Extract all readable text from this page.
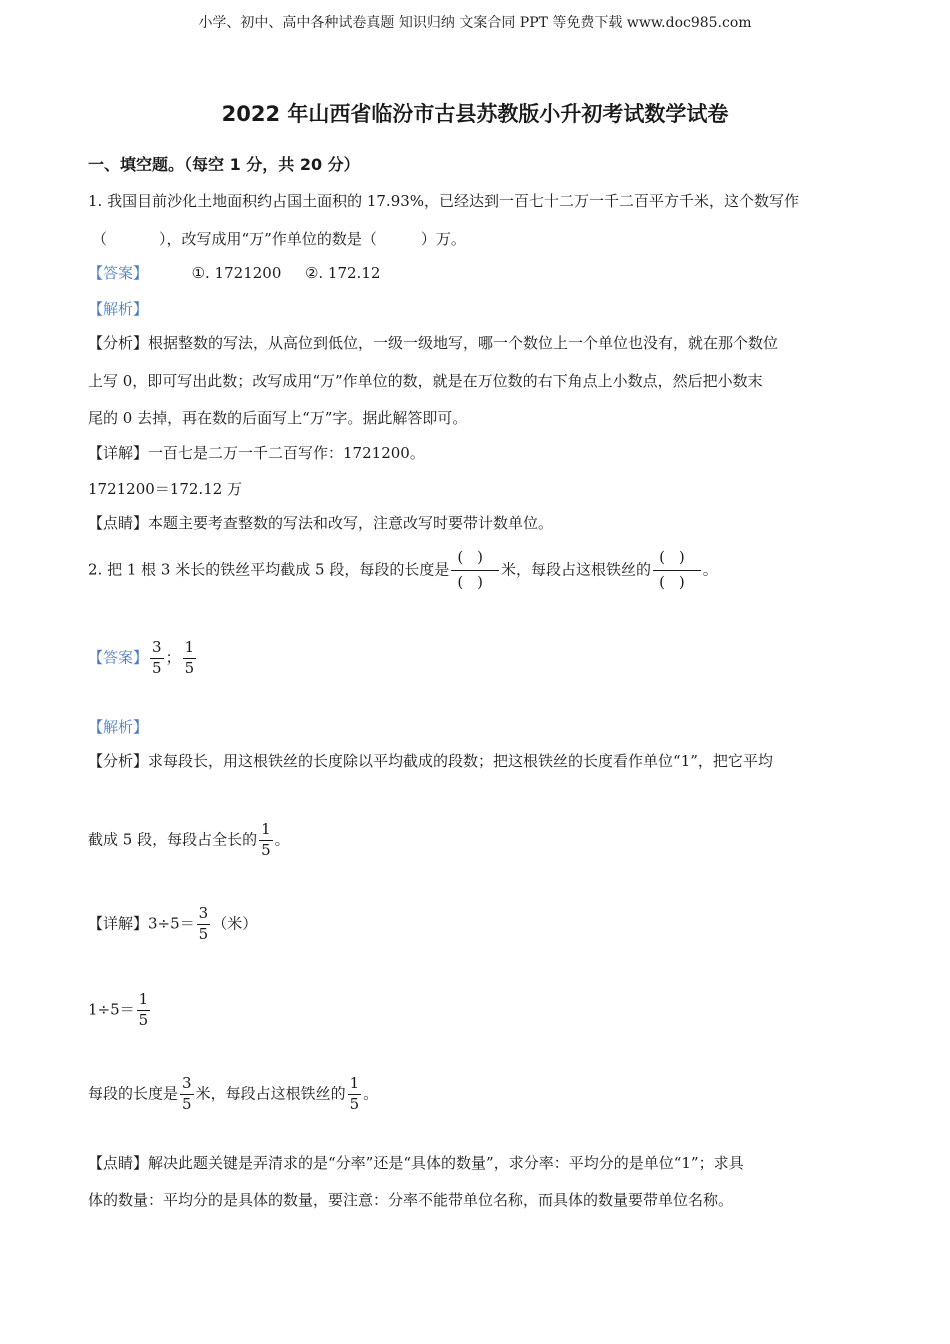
小学、初中、高中各种试卷真题 知识归纳 文案合同 PPT 等免费下载 www.doc985.com
2022 年山西省临汾市古县苏教版小升初考试数学试卷
一、填空题。（每空 1 分，共 20 分）
1. 我国目前沙化土地面积约占国土面积的 17.93%，已经达到一百七十二万一千二百平方千米，这个数写作
（	），改写成用“万”作单位的数是（	）万。
【答案】	①. 1721200 ②. 172.12
【解析】
【分析】根据整数的写法，从高位到低位，一级一级地写，哪一个数位上一个单位也没有，就在那个数位
上写 0，即可写出此数；改写成用“万”作单位的数，就是在万位数的右下角点上小数点，然后把小数末
尾的 0 去掉，再在数的后面写上“万”字。据此解答即可。
【详解】一百七是二万一千二百写作：1721200。
1721200＝172.12 万
【点睛】本题主要考查整数的写法和改写，注意改写时要带计数单位。
2. 把 1 根 3 米长的铁丝平均截成 5 段，每段的长度是 $\frac{()}{()}$ 米，每段占这根铁丝的 $\frac{()}{()}$ 。
【答案】 $\frac{3}{5}$ ； $\frac{1}{5}$
【解析】
【分析】求每段长，用这根铁丝的长度除以平均截成的段数；把这根铁丝的长度看作单位“1”，把它平均
截成 5 段，每段占全长的 $\frac{1}{5}$ 。
【详解】$3\div 5= \frac{3}{5}$ （米）
$1\div 5= \frac{1}{5}$
每段的长度是 $\frac{3}{5}$ 米，每段占这根铁丝的 $\frac{1}{5}$ 。
【点睛】解决此题关键是弄清求的是“分率”还是“具体的数量”，求分率：平均分的是单位“1”；求具
体的数量：平均分的是具体的数量，要注意：分率不能带单位名称，而具体的数量要带单位名称。
